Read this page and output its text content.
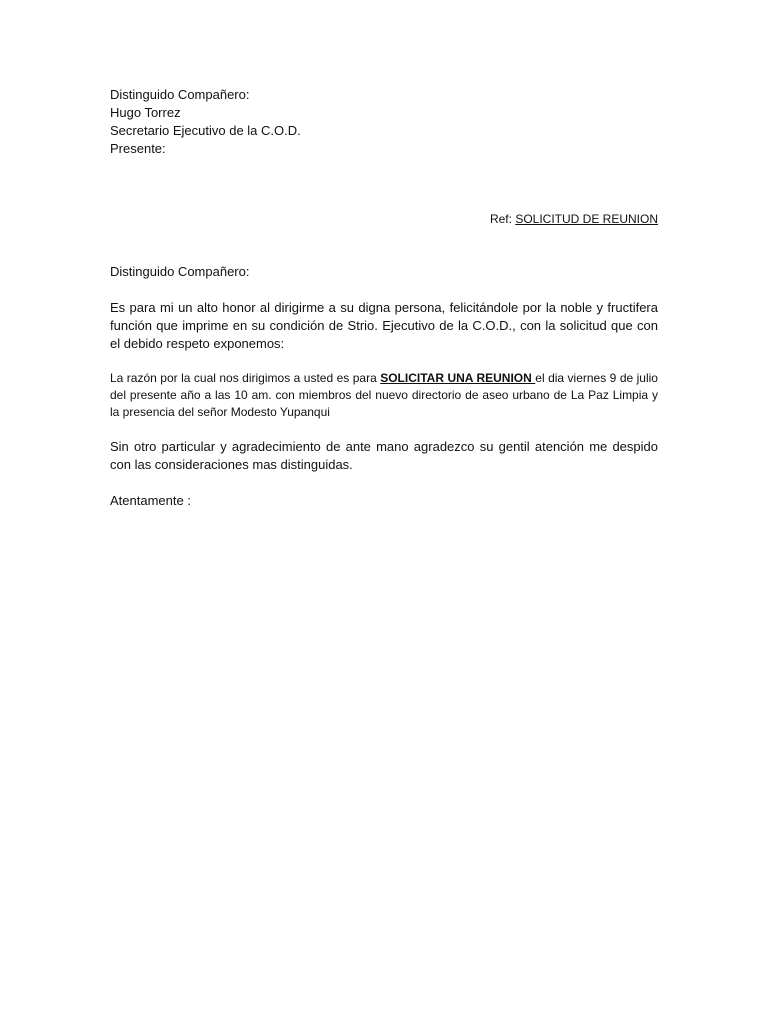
Distinguido Compañero:
Hugo Torrez
Secretario Ejecutivo de la C.O.D.
Presente:
Ref: SOLICITUD DE REUNION
Distinguido Compañero:
Es para mi un alto honor al dirigirme a su digna persona, felicitándole por la noble y fructifera función que imprime en su condición de Strio. Ejecutivo de la C.O.D., con la solicitud que con el debido respeto exponemos:
La razón por la cual nos dirigimos a usted es para SOLICITAR UNA REUNION el dia viernes 9 de julio del presente año a las 10 am. con miembros del nuevo directorio de aseo urbano de La Paz Limpia y la presencia del señor Modesto Yupanqui
Sin otro particular y agradecimiento de ante mano agradezco su gentil atención me despido con las consideraciones mas distinguidas.
Atentamente :
